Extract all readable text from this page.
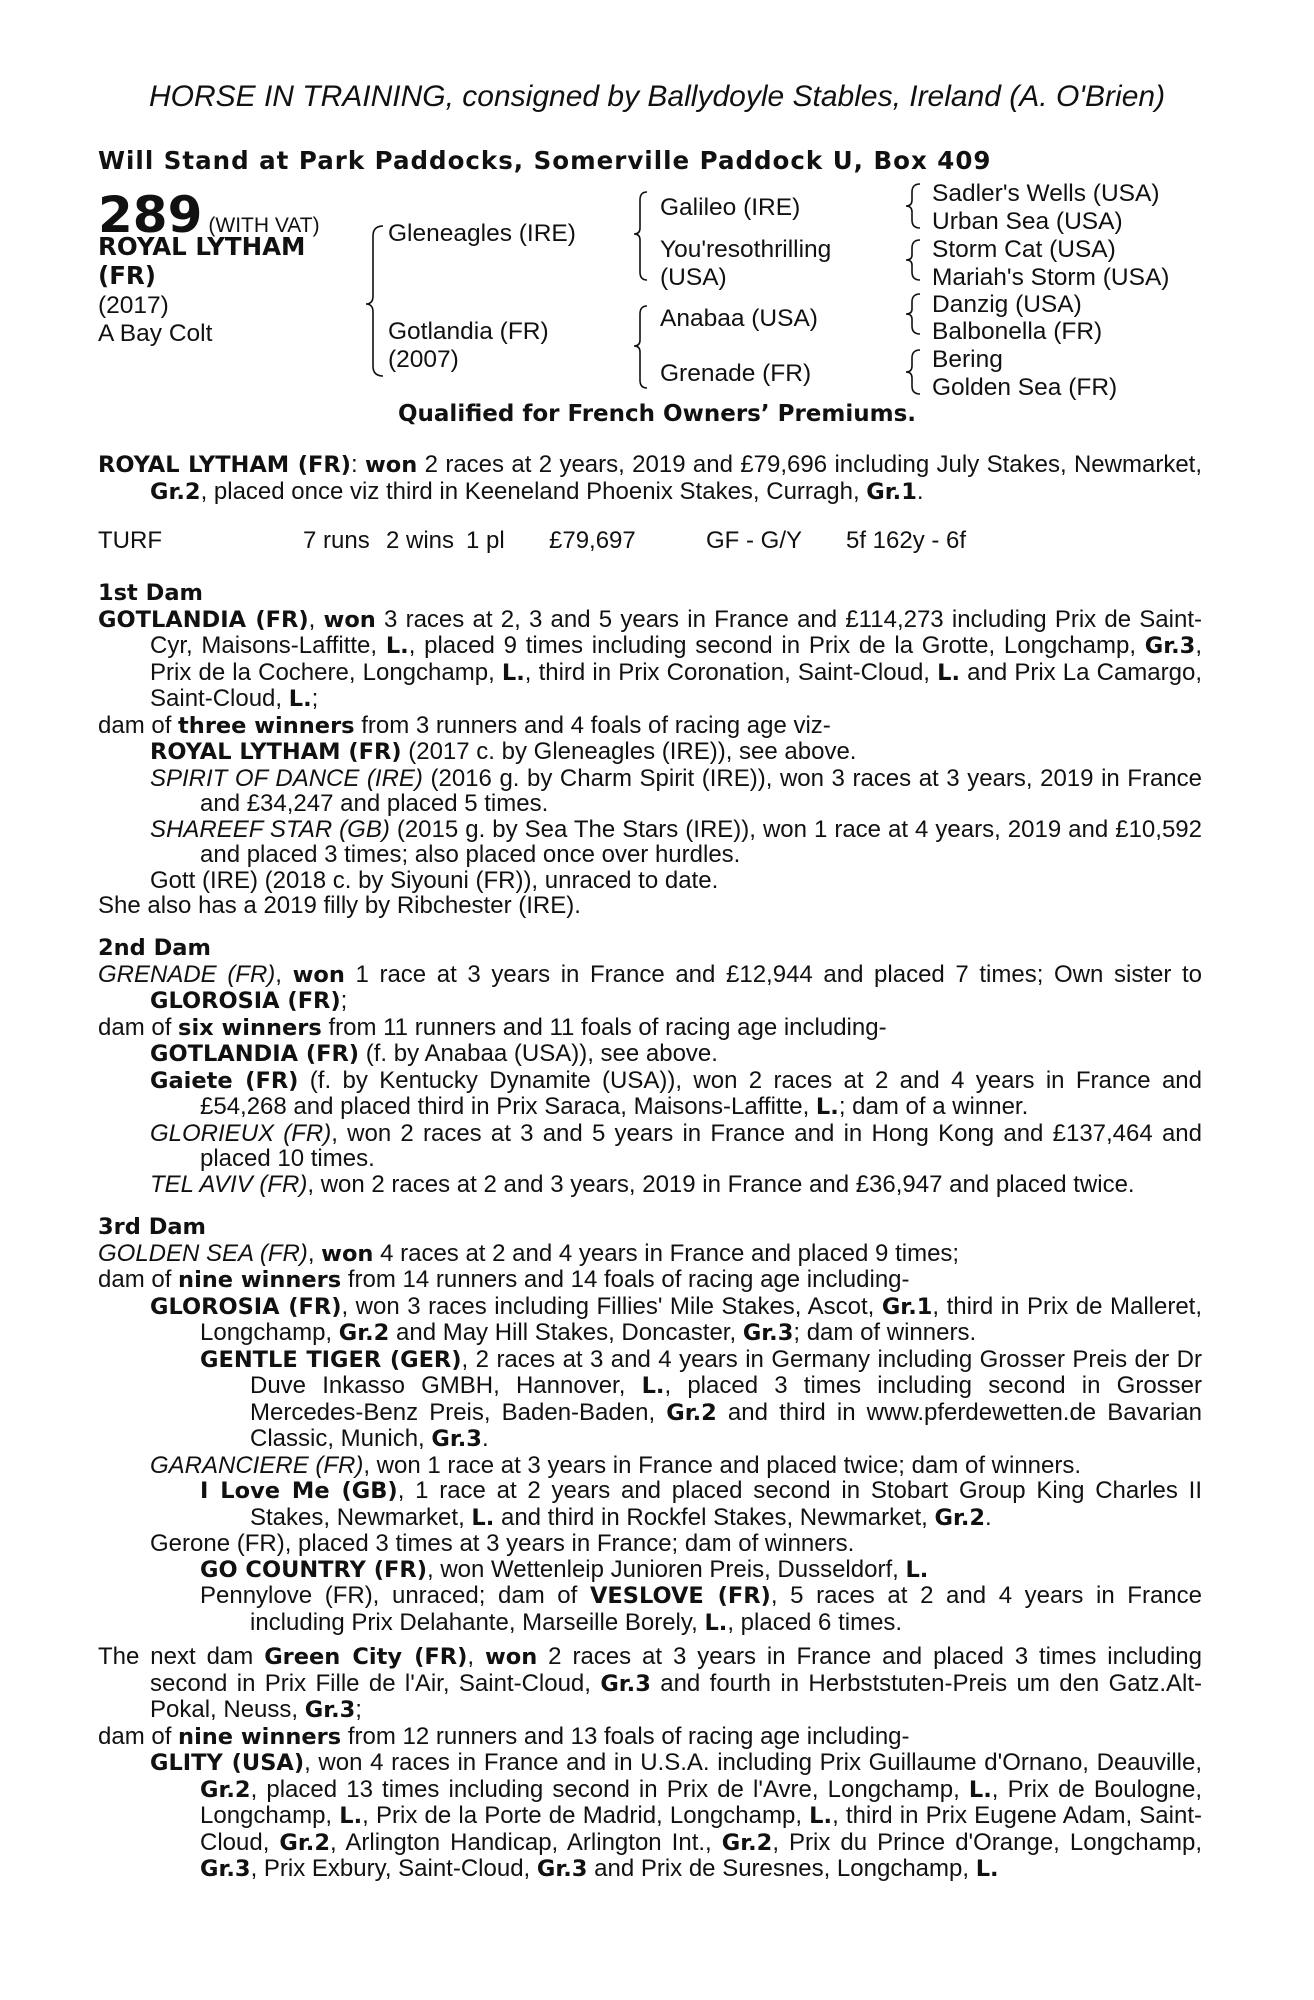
HORSE IN TRAINING, consigned by Ballydoyle Stables, Ireland (A. O'Brien)
Will Stand at Park Paddocks, Somerville Paddock U, Box 409
289 (WITH VAT)
ROYAL LYTHAM
(FR)
(2017)
A Bay Colt
Gleneagles (IRE)
Gotlandia (FR)
(2007)
Galileo (IRE)
You'resothrilling
(USA)
Anabaa (USA)
Grenade (FR)
Sadler's Wells (USA)
Urban Sea (USA)
Storm Cat (USA)
Mariah's Storm (USA)
Danzig (USA)
Balbonella (FR)
Bering
Golden Sea (FR)
Qualified for French Owners’ Premiums.

ROYAL LYTHAM (FR): won 2 races at 2 years, 2019 and £79,696 including July Stakes, Newmarket, Gr.2, placed once viz third in Keeneland Phoenix Stakes, Curragh, Gr.1.

TURF	7 runs 2 wins 1 pl £79,697	GF - G/Y 5f 162y - 6f

1st Dam

GOTLANDIA (FR), won 3 races at 2, 3 and 5 years in France and £114,273 including Prix de Saint-Cyr, Maisons-Laffitte, L., placed 9 times including second in Prix de la Grotte, Longchamp, Gr.3, Prix de la Cochere, Longchamp, L., third in Prix Coronation, Saint-Cloud, L. and Prix La Camargo, Saint-Cloud, L.;

dam of three winners from 3 runners and 4 foals of racing age viz-

ROYAL LYTHAM (FR) (2017 c. by Gleneagles (IRE)), see above.

SPIRIT OF DANCE (IRE) (2016 g. by Charm Spirit (IRE)), won 3 races at 3 years, 2019 in France and £34,247 and placed 5 times.

SHAREEF STAR (GB) (2015 g. by Sea The Stars (IRE)), won 1 race at 4 years, 2019 and £10,592 and placed 3 times; also placed once over hurdles.

Gott (IRE) (2018 c. by Siyouni (FR)), unraced to date.

She also has a 2019 filly by Ribchester (IRE).

2nd Dam

GRENADE (FR), won 1 race at 3 years in France and £12,944 and placed 7 times; Own sister to GLOROSIA (FR);

dam of six winners from 11 runners and 11 foals of racing age including-

GOTLANDIA (FR) (f. by Anabaa (USA)), see above.

Gaiete (FR) (f. by Kentucky Dynamite (USA)), won 2 races at 2 and 4 years in France and £54,268 and placed third in Prix Saraca, Maisons-Laffitte, L.; dam of a winner.

GLORIEUX (FR), won 2 races at 3 and 5 years in France and in Hong Kong and £137,464 and placed 10 times.

TEL AVIV (FR), won 2 races at 2 and 3 years, 2019 in France and £36,947 and placed twice.

3rd Dam

GOLDEN SEA (FR), won 4 races at 2 and 4 years in France and placed 9 times;

dam of nine winners from 14 runners and 14 foals of racing age including-

GLOROSIA (FR), won 3 races including Fillies' Mile Stakes, Ascot, Gr.1, third in Prix de Malleret, Longchamp, Gr.2 and May Hill Stakes, Doncaster, Gr.3; dam of winners.

GENTLE TIGER (GER), 2 races at 3 and 4 years in Germany including Grosser Preis der Dr Duve Inkasso GMBH, Hannover, L., placed 3 times including second in Grosser Mercedes-Benz Preis, Baden-Baden, Gr.2 and third in www.pferdewetten.de Bavarian Classic, Munich, Gr.3.

GARANCIERE (FR), won 1 race at 3 years in France and placed twice; dam of winners.

I Love Me (GB), 1 race at 2 years and placed second in Stobart Group King Charles II Stakes, Newmarket, L. and third in Rockfel Stakes, Newmarket, Gr.2.

Gerone (FR), placed 3 times at 3 years in France; dam of winners.

GO COUNTRY (FR), won Wettenleip Junioren Preis, Dusseldorf, L.

Pennylove (FR), unraced; dam of VESLOVE (FR), 5 races at 2 and 4 years in France including Prix Delahante, Marseille Borely, L., placed 6 times.

The next dam Green City (FR), won 2 races at 3 years in France and placed 3 times including second in Prix Fille de l'Air, Saint-Cloud, Gr.3 and fourth in Herbststuten-Preis um den Gatz.Alt-Pokal, Neuss, Gr.3;

dam of nine winners from 12 runners and 13 foals of racing age including-

GLITY (USA), won 4 races in France and in U.S.A. including Prix Guillaume d'Ornano, Deauville, Gr.2, placed 13 times including second in Prix de l'Avre, Longchamp, L., Prix de Boulogne, Longchamp, L., Prix de la Porte de Madrid, Longchamp, L., third in Prix Eugene Adam, Saint-Cloud, Gr.2, Arlington Handicap, Arlington Int., Gr.2, Prix du Prince d'Orange, Longchamp, Gr.3, Prix Exbury, Saint-Cloud, Gr.3 and Prix de Suresnes, Longchamp, L.
